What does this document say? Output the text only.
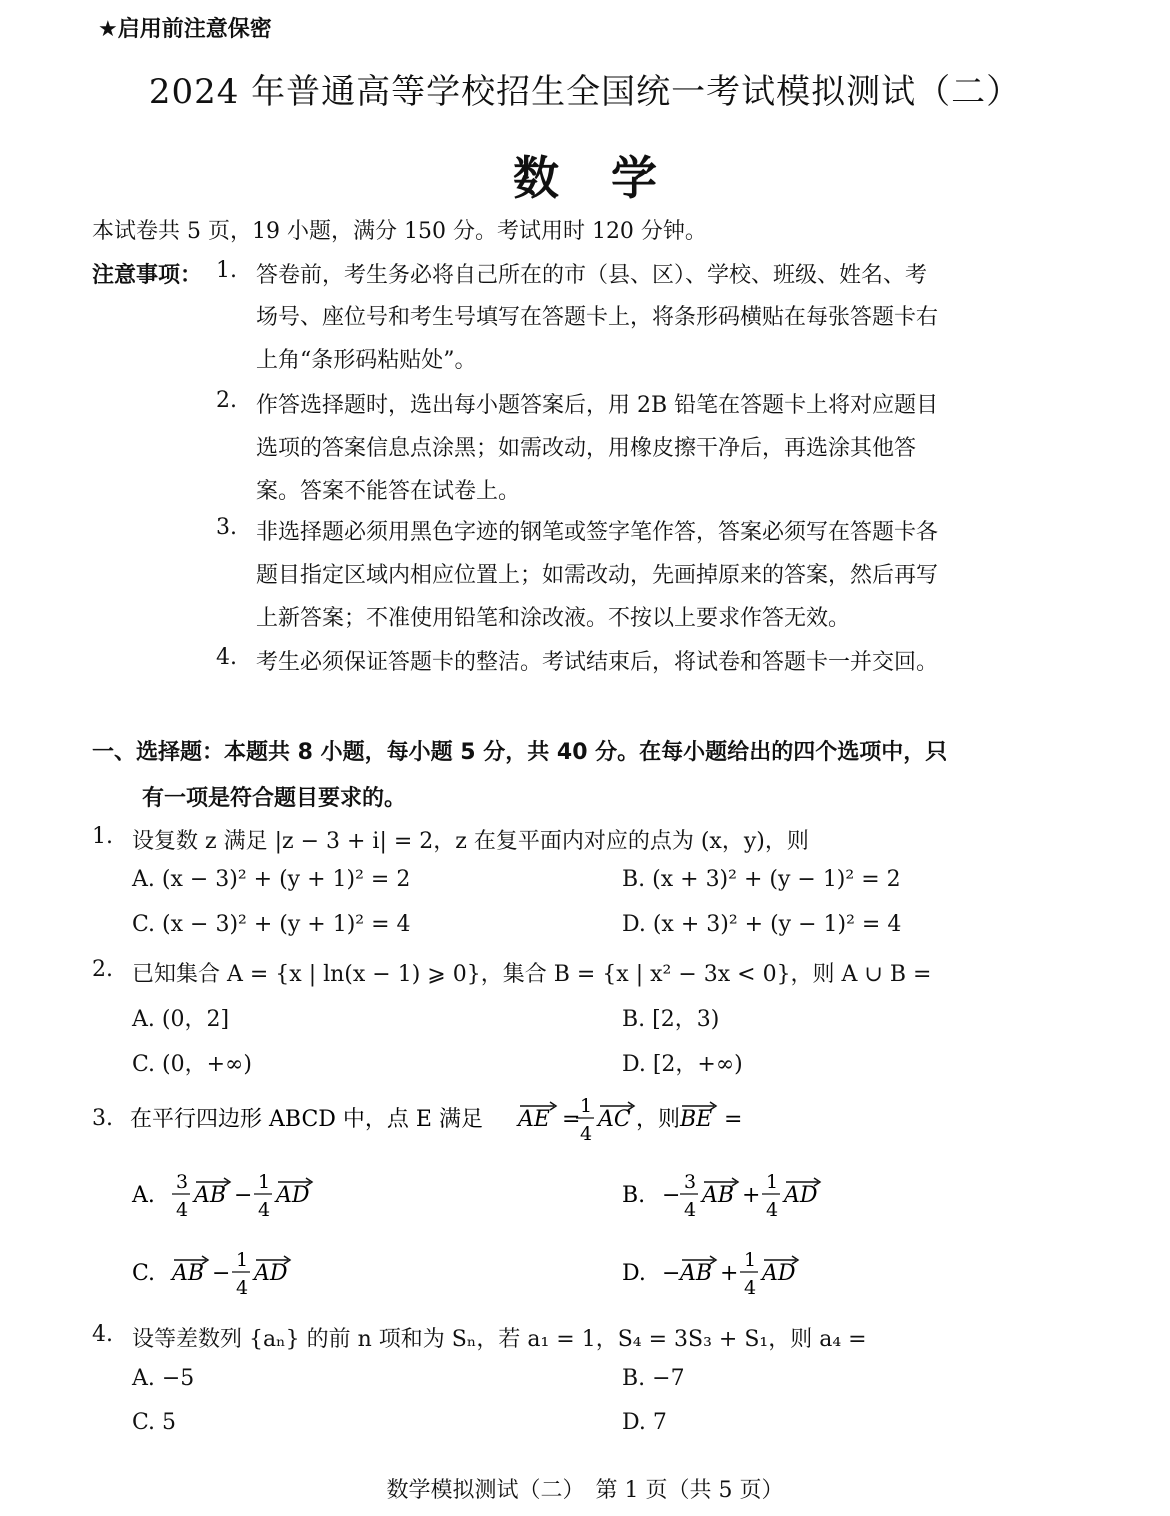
★启用前注意保密
2024 年普通高等学校招生全国统一考试模拟测试（二）
数学
本试卷共 5 页，19 小题，满分 150 分。考试用时 120 分钟。
注意事项： 1. 答卷前，考生务必将自己所在的市（县、区）、学校、班级、姓名、考
场号、座位号和考生号填写在答题卡上，将条形码横贴在每张答题卡右
上角“条形码粘贴处”。
2. 作答选择题时，选出每小题答案后，用 2B 铅笔在答题卡上将对应题目
选项的答案信息点涂黑；如需改动，用橡皮擦干净后，再选涂其他答
案。答案不能答在试卷上。
3. 非选择题必须用黑色字迹的钢笔或签字笔作答，答案必须写在答题卡各
题目指定区域内相应位置上；如需改动，先画掉原来的答案，然后再写
上新答案；不准使用铅笔和涂改液。不按以上要求作答无效。
4. 考生必须保证答题卡的整洁。考试结束后，将试卷和答题卡一并交回。
一、选择题：本题共 8 小题，每小题 5 分，共 40 分。在每小题给出的四个选项中，只
有一项是符合题目要求的。
1. 设复数 z 满足 |z − 3 + i| = 2，z 在复平面内对应的点为 (x，y)，则
A. (x − 3)² + (y + 1)² = 2	B. (x + 3)² + (y − 1)² = 2
C. (x − 3)² + (y + 1)² = 4	D. (x + 3)² + (y − 1)² = 4
2. 已知集合 A = {x | ln(x − 1) ⩾ 0}，集合 B = {x | x² − 3x < 0}，则 A ∪ B =
A. (0，2]	B. [2，3)
C. (0，+∞)	D. [2，+∞)
3. 在平行四边形 ABCD 中，点 E 满足 AE =
1
4
AC ，则 BE =
A.
3
4
AB −
1
4
AD	B. −
3
4
AB +
1
4
AD
C. AB −
1
4
AD	D. − AB +
1
4
AD
4. 设等差数列 {aₙ} 的前 n 项和为 Sₙ，若 a₁ = 1，S₄ = 3S₃ + S₁，则 a₄ =
A. −5	B. −7
C. 5	D. 7
数学模拟测试（二）　第 1 页（共 5 页）
